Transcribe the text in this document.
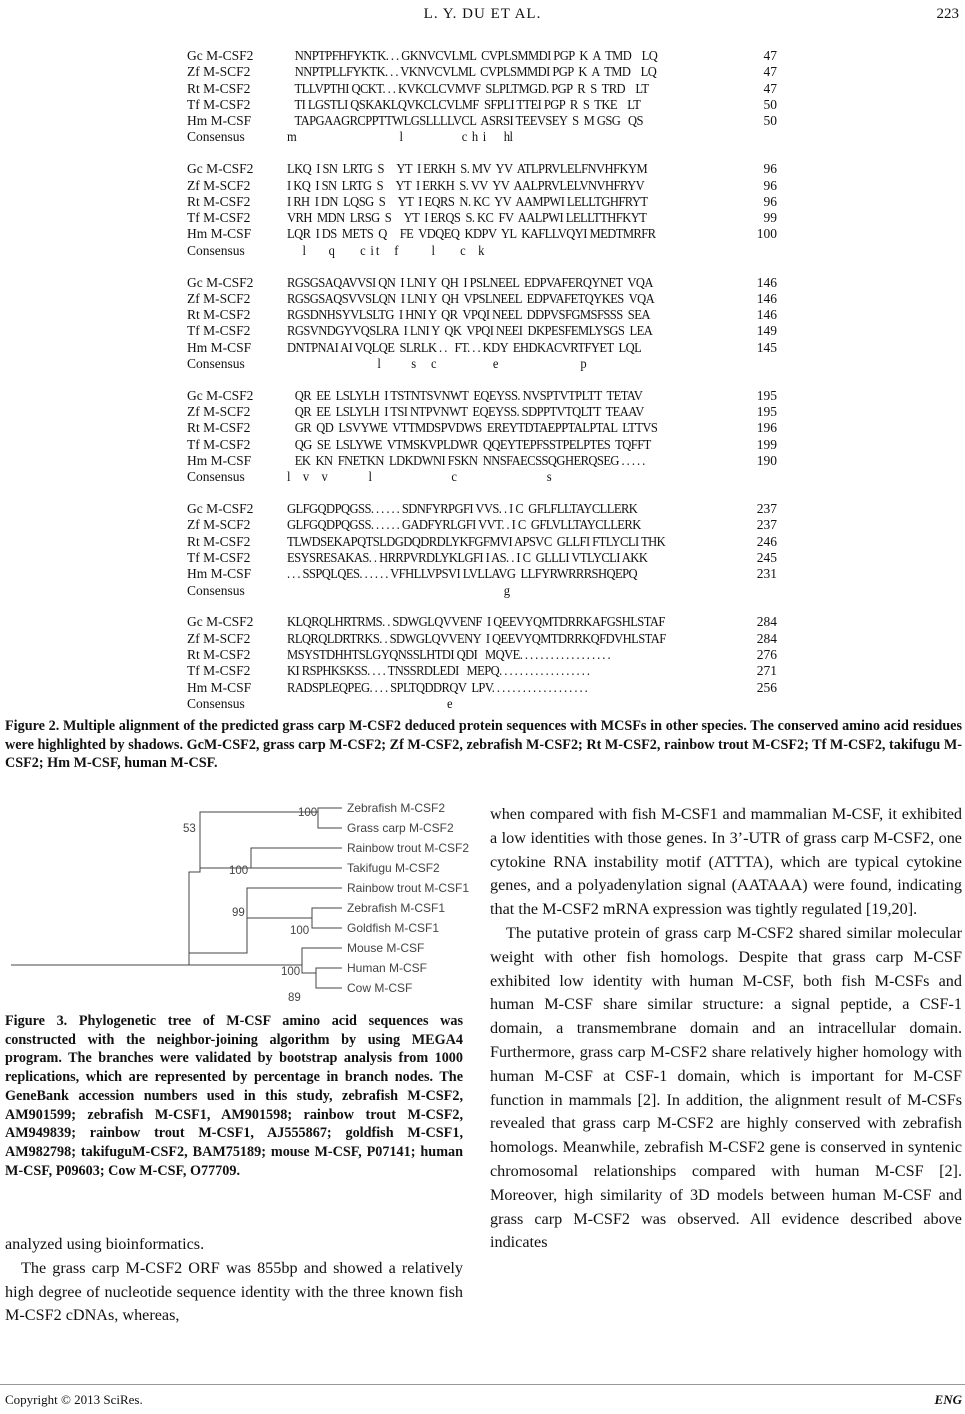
L. Y. DU ET AL.	223
Gc M-CSF2	NNPTPFHFYKTK. . . GKNVCVLML  CVPLSMMDI PGP  K  A  TMD    LQ	47
Zf M-SCF2	NNPTPLLFYKTK. . . VKNVCVLML  CVPLSMMDI PGP  K  A  TMD    LQ	47
Rt M-CSF2	TLLVPTHI QCKT. . . KVKCLCVMVF  SLPLTMGD. PGP  R  S  TRD    LT	47
Tf M-CSF2	TI LGSTLI QSKAKLQVKCLCVLMF  SFPLI TTEI PGP  R  S  TKE    LT	50
Hm M-CSF	TAPGAAGRCPPTTWLGSLLLLVCL  ASRSI TEEVSEY  S  M GSG   QS	50
Consensus	m                                        l                       c  h  i       hl
Gc M-CSF2	LKQ  I SN  LRTG  S     YT  I ERKH  S. MV  YV  ATLPRVLELFNVHFKYM	96
Zf M-SCF2	I KQ  I SN  LRTG  S     YT  I ERKH  S. VV  YV  AALPRVLELVNVHFRYV	96
Rt M-CSF2	I RH  I DN  LQSG  S     YT  I EQRS  N. KC  YV  AAMPWI LELLTGHFRYT	96
Tf M-CSF2	VRH  MDN  LRSG  S     YT  I ERQS  S. KC  FV  AALPWI LELLTTHFKYT	99
Hm M-CSF	LQR  I DS  METS  Q     FE  VDQEQ  KDPV  YL  KAFLLVQYI MEDTMRFR	100
Consensus	l         q          c  i t      f             l          c     k
Gc M-CSF2	RGSGSAQAVVSI QN  I LNI Y  QH  I PSLNEEL  EDPVAFERQYNET  VQA	146
Zf M-SCF2	RGSGSAQSVVSLQN  I LNI Y  QH  VPSLNEEL  EDPVAFETQYKES  VQA	146
Rt M-CSF2	RGSDNHSYVLSLTG  I HNI Y  QR  VPQI NEEL  DDPVSFGMSFSSS  SEA	146
Tf M-CSF2	RGSVNDGYVQSLRA  I LNI Y  QK  VPQI NEEI  DKPESFEMLYSGS  LEA	149
Hm M-CSF	DNTPNAI AI VQLQE  SLRLK . .   FT. . . KDY  EHDKACVRTFYET  LQL	145
Consensus	l            s      c                      e                                p
Gc M-CSF2	QR  EE  LSLYLH  I TSTNTSVNWT  EQEYSS. NVSPTVTPLTT  TETAV	195
Zf M-SCF2	QR  EE  LSLYLH  I TSI NTPVNWT  EQEYSS. SDPPTVTQLTT  TEAAV	195
Rt M-CSF2	GR  QD  LSVYWE  VTTMDSPVDWS  EREYTDTAEPPTALPTAL  LTTVS	196
Tf M-CSF2	QG  SE  LSLYWE  VTMSKVPLDWR  QQEYTEPFSSTPELPTES  TQFFT	199
Hm M-CSF	EK  KN  FNETKN  LDKDWNI FSKN  NNSFAECSSQGHERQSEG . . . . .	190
Consensus	l     v     v                l                               c                                   s
Gc M-CSF2	GLFGQDPQGSS. . . . . . SDNFYRPGFI VVS. . I C  GFLFLLTAYCLLERK	237
Zf M-SCF2	GLFGQDPQGSS. . . . . . GADFYRLGFI VVT. . I C  GFLVLLTAYCLLERK	237
Rt M-CSF2	TLWDSEKAPQTSLDGDQDRDLYKFGFMVI APSVC  GLLFI FTLYCLI THK	246
Tf M-CSF2	ESYSRESAKAS. . HRRPVRDLYKLGFI I AS. . I C  GLLLI VTLYCLI AKK	245
Hm M-CSF	. . . SSPQLQES. . . . . . VFHLLVPSVI LVLLAVG  LLFYRWRRRSHQEPQ	231
Consensus	g
Gc M-CSF2	KLQRQLHRTRMS. . SDWGLQVVENF  I QEEVYQMTDRRKAFGSHLSTAF	284
Zf M-SCF2	RLQRQLDRTRKS. . SDWGLQVVENY  I QEEVYQMTDRRKQFDVHLSTAF	284
Rt M-CSF2	MSYSTDHHTSLGYQNSSLHTDI QDI   MQVE. . . . . . . . . . . . . . . . . .	276
Tf M-CSF2	KI RSPHKSKSS. . . . TNSSRDLEDI   MEPQ. . . . . . . . . . . . . . . . . .	271
Hm M-CSF	RADSPLEQPEG. . . . SPLTQDDRQV  LPV. . . . . . . . . . . . . . . . . . .	256
Consensus	e
Figure 2. Multiple alignment of the predicted grass carp M-CSF2 deduced protein sequences with MCSFs in other species. The conserved amino acid residues were highlighted by shadows. GcM-CSF2, grass carp M-CSF2; Zf M-CSF2, zebrafish M-CSF2; Rt M-CSF2, rainbow trout M-CSF2; Tf M-CSF2, takifugu M-CSF2; Hm M-CSF, human M-CSF.
100
53
100
99
100
100
89
Zebrafish M-CSF2
Grass carp M-CSF2
Rainbow trout M-CSF2
Takifugu M-CSF2
Rainbow trout M-CSF1
Zebrafish M-CSF1
Goldfish M-CSF1
Mouse M-CSF
Human M-CSF
Cow M-CSF
Figure 3. Phylogenetic tree of M-CSF amino acid sequences was constructed with the neighbor-joining algorithm by using MEGA4 program. The branches were validated by bootstrap analysis from 1000 replications, which are represented by percentage in branch nodes. The GeneBank accession numbers used in this study, zebrafish M-CSF2, AM901599; zebrafish M-CSF1, AM901598; rainbow trout M-CSF2, AM949839; rainbow trout M-CSF1, AJ555867; goldfish M-CSF1, AM982798; takifuguM-CSF2, BAM75189; mouse M-CSF, P07141; human M-CSF, P09603; Cow M-CSF, O77709.

analyzed using bioinformatics.

The grass carp M-CSF2 ORF was 855bp and showed a relatively high degree of nucleotide sequence identity with the three known fish M-CSF2 cDNAs, whereas,

when compared with fish M-CSF1 and mammalian M-CSF, it exhibited a low identities with those genes. In 3’-UTR of grass carp M-CSF2, one cytokine RNA instability motif (ATTTA), which are typical cytokine genes, and a polyadenylation signal (AATAAA) were found, indicating that the M-CSF2 mRNA expression was tightly regulated [19,20].

The putative protein of grass carp M-CSF2 shared similar molecular weight with other fish homologs. Despite that grass carp M-CSF exhibited low identity with human M-CSF, both fish M-CSFs and human M-CSF share similar structure: a signal peptide, a CSF-1 domain, a transmembrane domain and an intracellular domain. Furthermore, grass carp M-CSF2 share relatively higher homology with human M-CSF at CSF-1 domain, which is important for M-CSF function in mammals [2]. In addition, the alignment result of M-CSFs revealed that grass carp M-CSF2 are highly conserved with zebrafish homologs. Meanwhile, zebrafish M-CSF2 gene is conserved in syntenic chromosomal relationships compared with human M-CSF [2]. Moreover, high similarity of 3D models between human M-CSF and grass carp M-CSF2 was observed. All evidence described above indicates

Copyright © 2013 SciRes.	ENG
